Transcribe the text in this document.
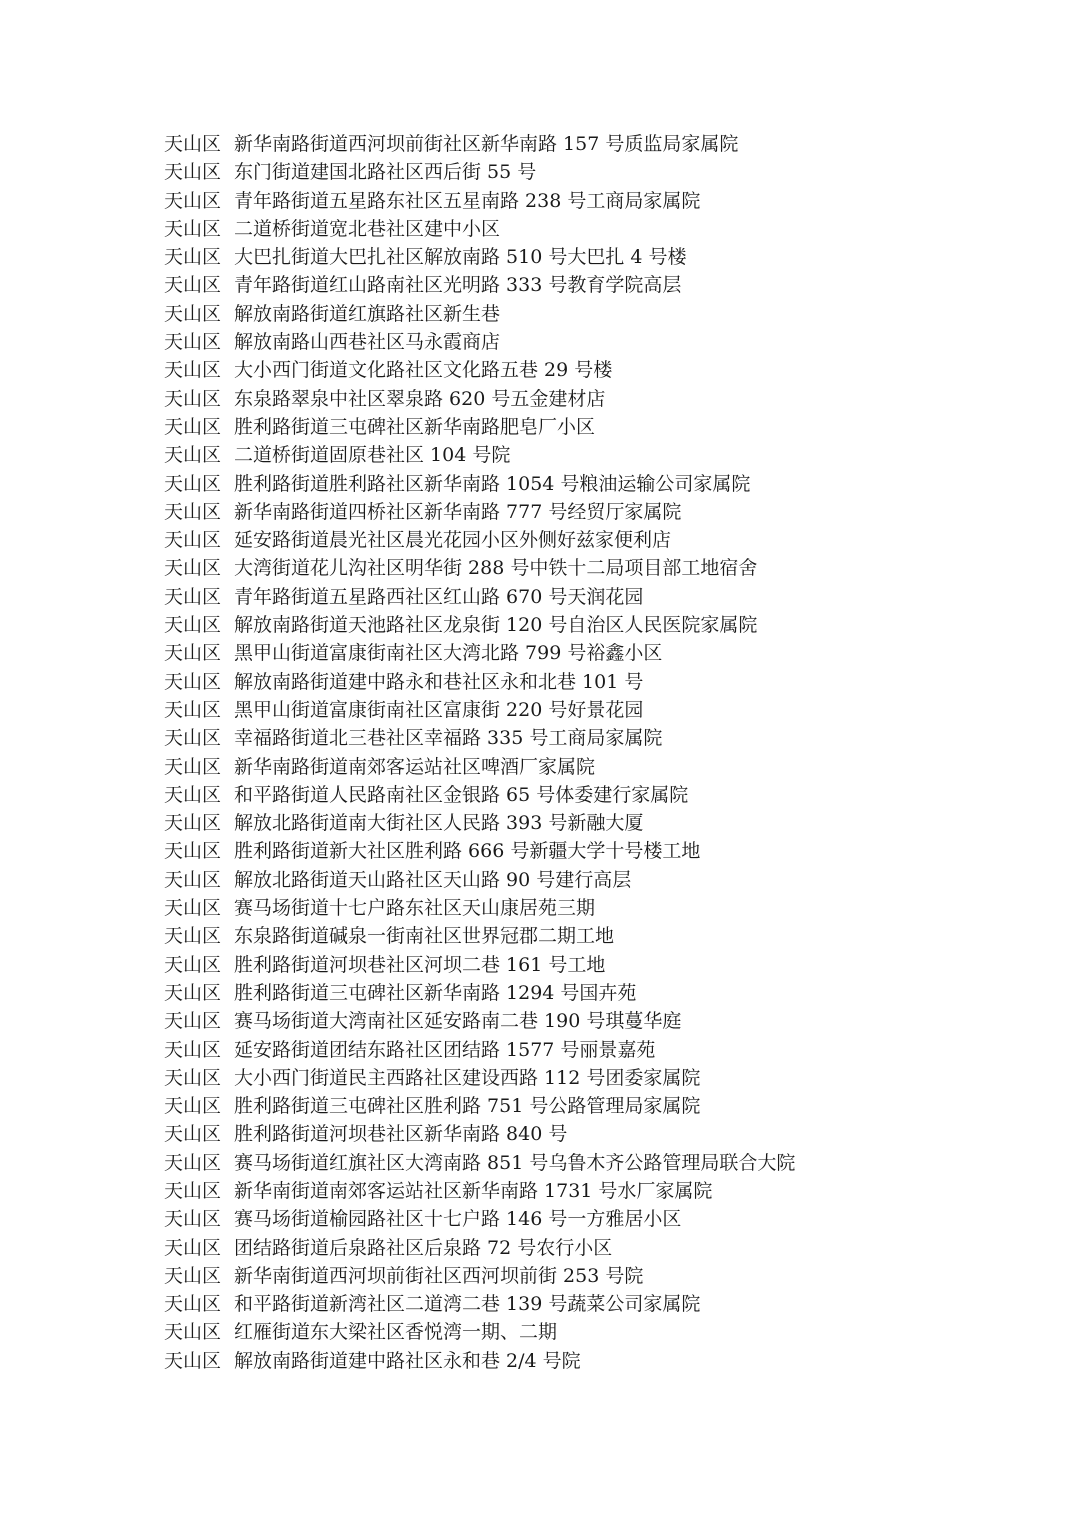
天山区 新华南路街道西河坝前街社区新华南路 157 号质监局家属院
天山区 东门街道建国北路社区西后街 55 号
天山区 青年路街道五星路东社区五星南路 238 号工商局家属院
天山区 二道桥街道宽北巷社区建中小区
天山区 大巴扎街道大巴扎社区解放南路 510 号大巴扎 4 号楼
天山区 青年路街道红山路南社区光明路 333 号教育学院高层
天山区 解放南路街道红旗路社区新生巷
天山区 解放南路山西巷社区马永霞商店
天山区 大小西门街道文化路社区文化路五巷 29 号楼
天山区 东泉路翠泉中社区翠泉路 620 号五金建材店
天山区 胜利路街道三屯碑社区新华南路肥皂厂小区
天山区 二道桥街道固原巷社区 104 号院
天山区 胜利路街道胜利路社区新华南路 1054 号粮油运输公司家属院
天山区 新华南路街道四桥社区新华南路 777 号经贸厅家属院
天山区 延安路街道晨光社区晨光花园小区外侧好兹家便利店
天山区 大湾街道花儿沟社区明华街 288 号中铁十二局项目部工地宿舍
天山区 青年路街道五星路西社区红山路 670 号天润花园
天山区 解放南路街道天池路社区龙泉街 120 号自治区人民医院家属院
天山区 黑甲山街道富康街南社区大湾北路 799 号裕鑫小区
天山区 解放南路街道建中路永和巷社区永和北巷 101 号
天山区 黑甲山街道富康街南社区富康街 220 号好景花园
天山区 幸福路街道北三巷社区幸福路 335 号工商局家属院
天山区 新华南路街道南郊客运站社区啤酒厂家属院
天山区 和平路街道人民路南社区金银路 65 号体委建行家属院
天山区 解放北路街道南大街社区人民路 393 号新融大厦
天山区 胜利路街道新大社区胜利路 666 号新疆大学十号楼工地
天山区 解放北路街道天山路社区天山路 90 号建行高层
天山区 赛马场街道十七户路东社区天山康居苑三期
天山区 东泉路街道碱泉一街南社区世界冠郡二期工地
天山区 胜利路街道河坝巷社区河坝二巷 161 号工地
天山区 胜利路街道三屯碑社区新华南路 1294 号国卉苑
天山区 赛马场街道大湾南社区延安路南二巷 190 号琪蔓华庭
天山区 延安路街道团结东路社区团结路 1577 号丽景嘉苑
天山区 大小西门街道民主西路社区建设西路 112 号团委家属院
天山区 胜利路街道三屯碑社区胜利路 751 号公路管理局家属院
天山区 胜利路街道河坝巷社区新华南路 840 号
天山区 赛马场街道红旗社区大湾南路 851 号乌鲁木齐公路管理局联合大院
天山区 新华南街道南郊客运站社区新华南路 1731 号水厂家属院
天山区 赛马场街道榆园路社区十七户路 146 号一方雅居小区
天山区 团结路街道后泉路社区后泉路 72 号农行小区
天山区 新华南街道西河坝前街社区西河坝前街 253 号院
天山区 和平路街道新湾社区二道湾二巷 139 号蔬菜公司家属院
天山区 红雁街道东大梁社区香悦湾一期、二期
天山区 解放南路街道建中路社区永和巷 2/4 号院
